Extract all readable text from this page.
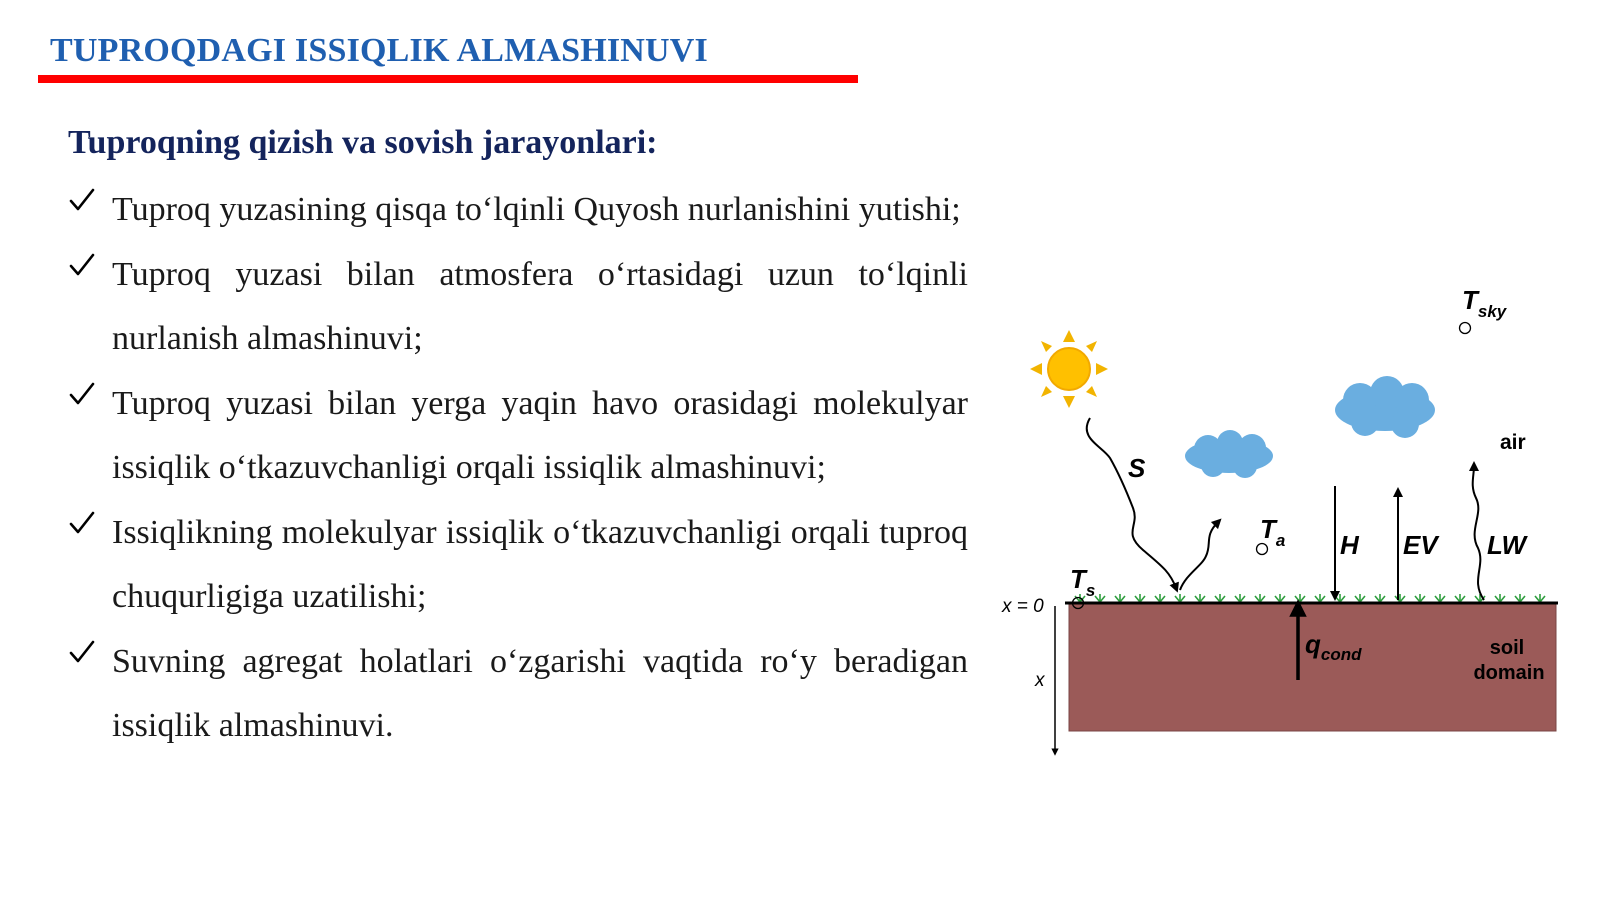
TUPROQDAGI ISSIQLIK ALMASHINUVI
Tuproqning qizish va sovish jarayonlari:
Tuproq yuzasining qisqa to‘lqinli Quyosh nurlanishini yutishi;
Tuproq yuzasi bilan atmosfera o‘rtasidagi uzun to‘lqinli nurlanish almashinuvi;
Tuproq yuzasi bilan yerga yaqin havo orasidagi molekulyar issiqlik o‘tkazuvchanligi orqali issiqlik almashinuvi;
Issiqlikning molekulyar issiqlik o‘tkazuvchanligi orqali tuproq chuqurligiga uzatilishi;
Suvning agregat holatlari o‘zgarishi vaqtida ro‘y beradigan issiqlik almashinuvi.
$T_{sky}$
air
S
$T_a$ H EV LW
$T_s$
x = 0
$q_{cond}$
x
soil
domain
